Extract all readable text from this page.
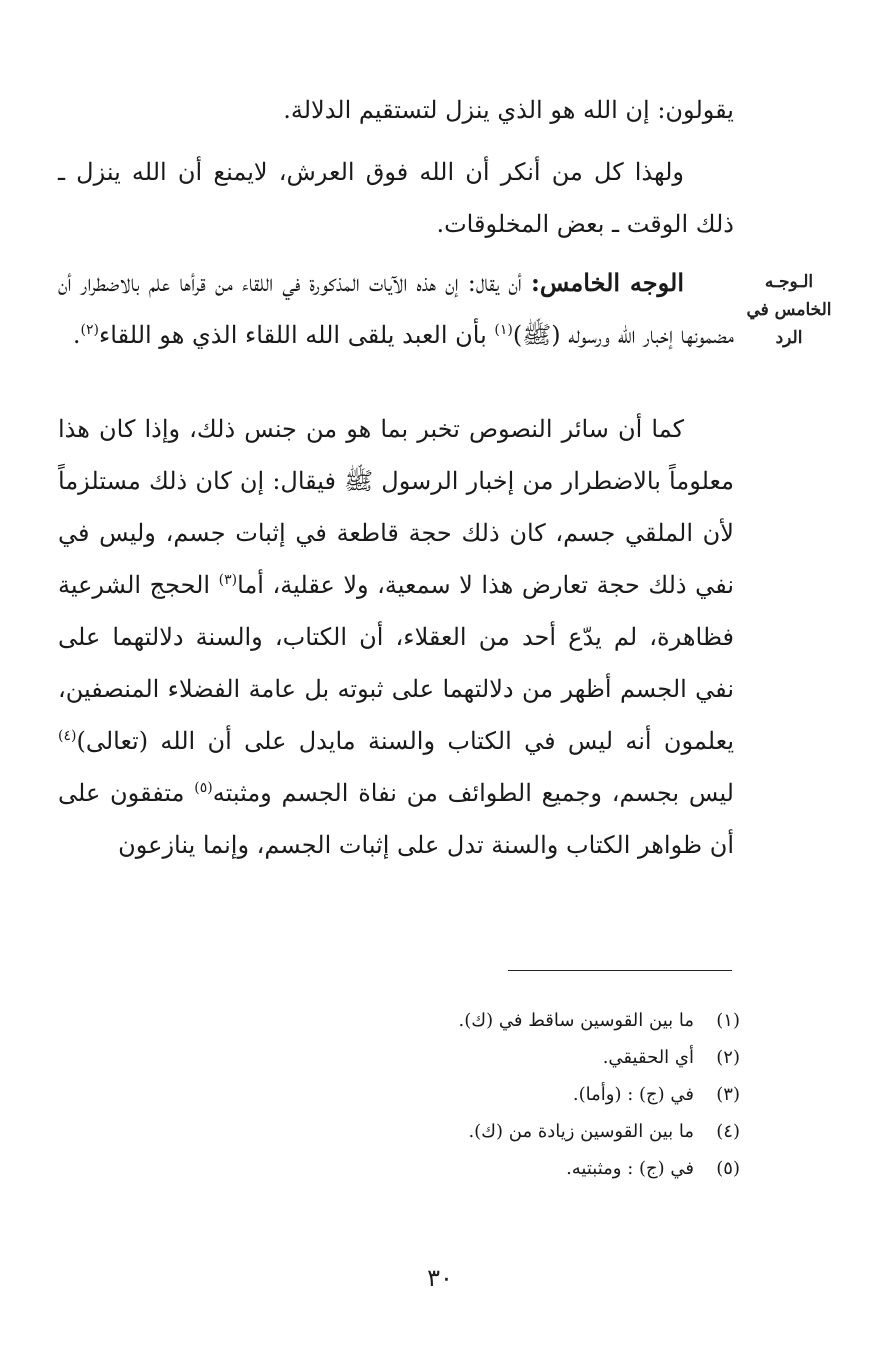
الـوجـه الخامس في الرد

يقولون: إن الله هو الذي ينزل لتستقيم الدلالة.

ولهذا كل من أنكر أن الله فوق العرش، لايمنع أن الله ينزل ـ ذلك الوقت ـ بعض المخلوقات.

الوجه الخامس: أن يقال: إن هذه الآيات المذكورة في اللقاء من قرأها علم بالاضطرار أن مضمونها إخبار الله ورسوله (ﷺ)$^{(١)}$ بأن العبد يلقى الله اللقاء الذي هو اللقاء$^{(٢)}$.

كما أن سائر النصوص تخبر بما هو من جنس ذلك، وإذا كان هذا معلوماً بالاضطرار من إخبار الرسول ﷺ فيقال: إن كان ذلك مستلزماً لأن الملقي جسم، كان ذلك حجة قاطعة في إثبات جسم، وليس في نفي ذلك حجة تعارض هذا لا سمعية، ولا عقلية، أما$^{(٣)}$ الحجج الشرعية فظاهرة، لم يدّع أحد من العقلاء، أن الكتاب، والسنة دلالتهما على نفي الجسم أظهر من دلالتهما على ثبوته بل عامة الفضلاء المنصفين، يعلمون أنه ليس في الكتاب والسنة مايدل على أن الله (تعالى)$^{(٤)}$ ليس بجسم، وجميع الطوائف من نفاة الجسم ومثبته$^{(٥)}$ متفقون على أن ظواهر الكتاب والسنة تدل على إثبات الجسم، وإنما ينازعون

(١)ما بين القوسين ساقط في (ك).
(٢)أي الحقيقي.
(٣)في (ج) : (وأما).
(٤)ما بين القوسين زيادة من (ك).
(٥)في (ج) : ومثبتيه.
٣٠
